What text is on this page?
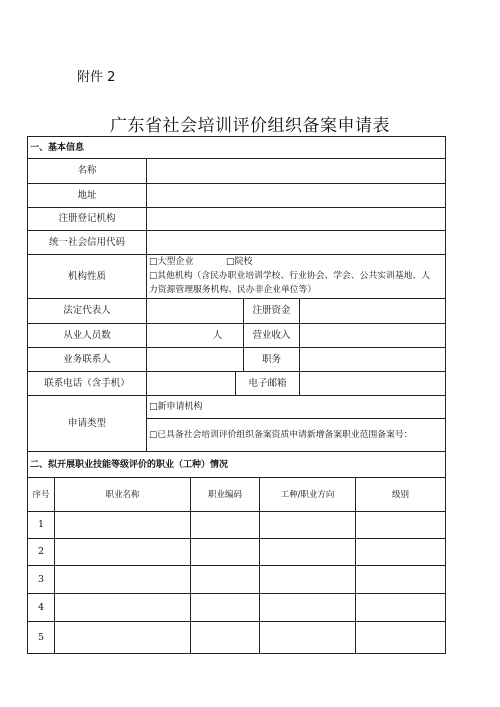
附件 2
广东省社会培训评价组织备案申请表
一、基本信息
名称
地址
注册登记机构
统一社会信用代码
机构性质
□大型企业	□院校
□其他机构（含民办职业培训学校、行业协会、学会、公共实训基地、人
力资源管理服务机构、民办非企业单位等）
法定代表人	注册资金
从业人员数	人	营业收入
业务联系人	职务
联系电话（含手机）	电子邮箱
申请类型
□新申请机构
□已具备社会培训评价组织备案资质申请新增备案职业范围备案号：
二、拟开展职业技能等级评价的职业（工种）情况
序号	职业名称	职业编码	工种/职业方向	级别
1
2
3
4
5
